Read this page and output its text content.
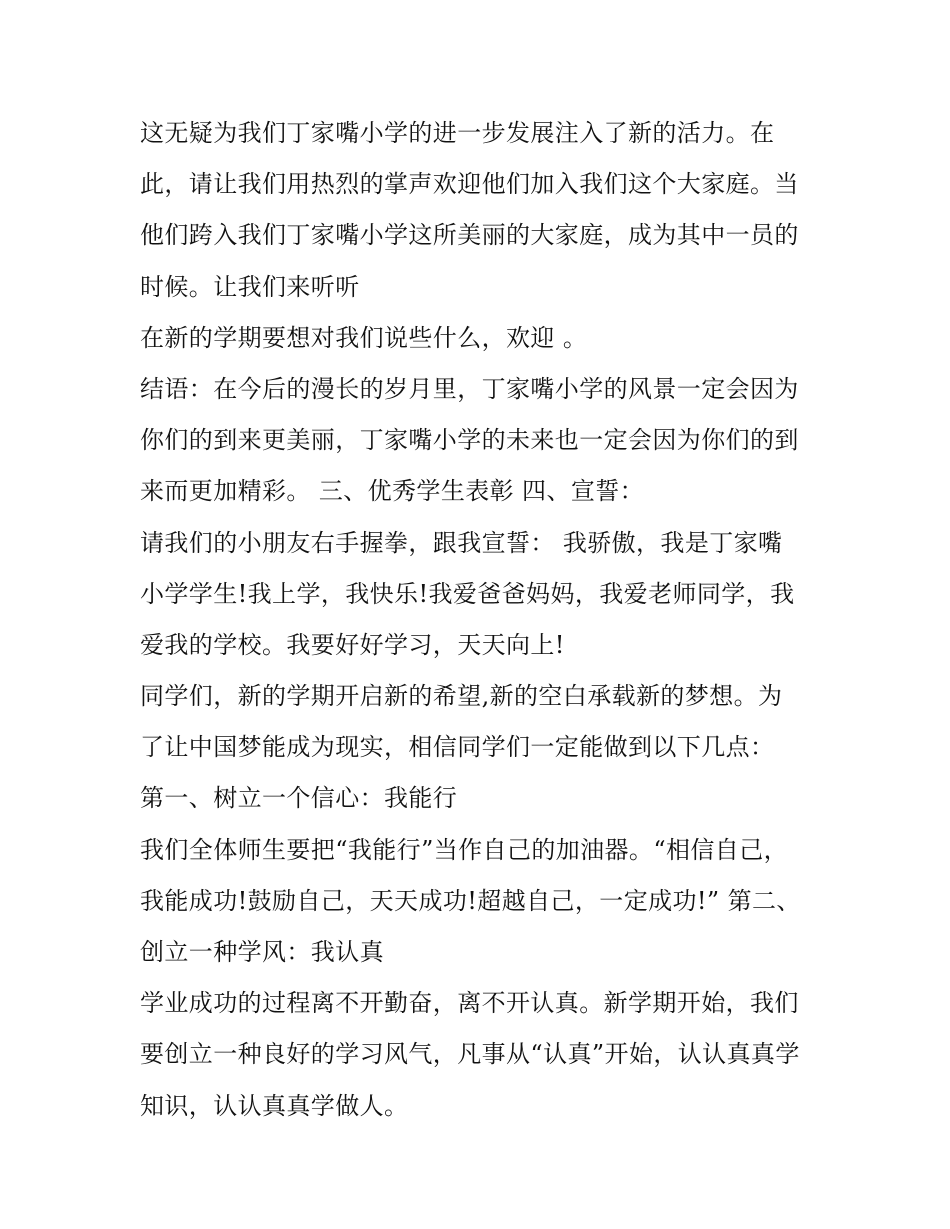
这无疑为我们丁家嘴小学的进一步发展注入了新的活力。在
此，请让我们用热烈的掌声欢迎他们加入我们这个大家庭。当
他们跨入我们丁家嘴小学这所美丽的大家庭，成为其中一员的
时候。让我们来听听
在新的学期要想对我们说些什么，欢迎 。
结语：在今后的漫长的岁月里，丁家嘴小学的风景一定会因为
你们的到来更美丽，丁家嘴小学的未来也一定会因为你们的到
来而更加精彩。 三、优秀学生表彰 四、宣誓：
请我们的小朋友右手握拳，跟我宣誓： 我骄傲，我是丁家嘴
小学学生!我上学，我快乐!我爱爸爸妈妈，我爱老师同学，我
爱我的学校。我要好好学习，天天向上!
同学们，新的学期开启新的希望,新的空白承载新的梦想。为
了让中国梦能成为现实，相信同学们一定能做到以下几点：
第一、树立一个信心：我能行
我们全体师生要把“我能行”当作自己的加油器。“相信自己，
我能成功!鼓励自己，天天成功!超越自己，一定成功!” 第二、
创立一种学风：我认真
学业成功的过程离不开勤奋，离不开认真。新学期开始，我们
要创立一种良好的学习风气，凡事从“认真”开始，认认真真学
知识，认认真真学做人。
